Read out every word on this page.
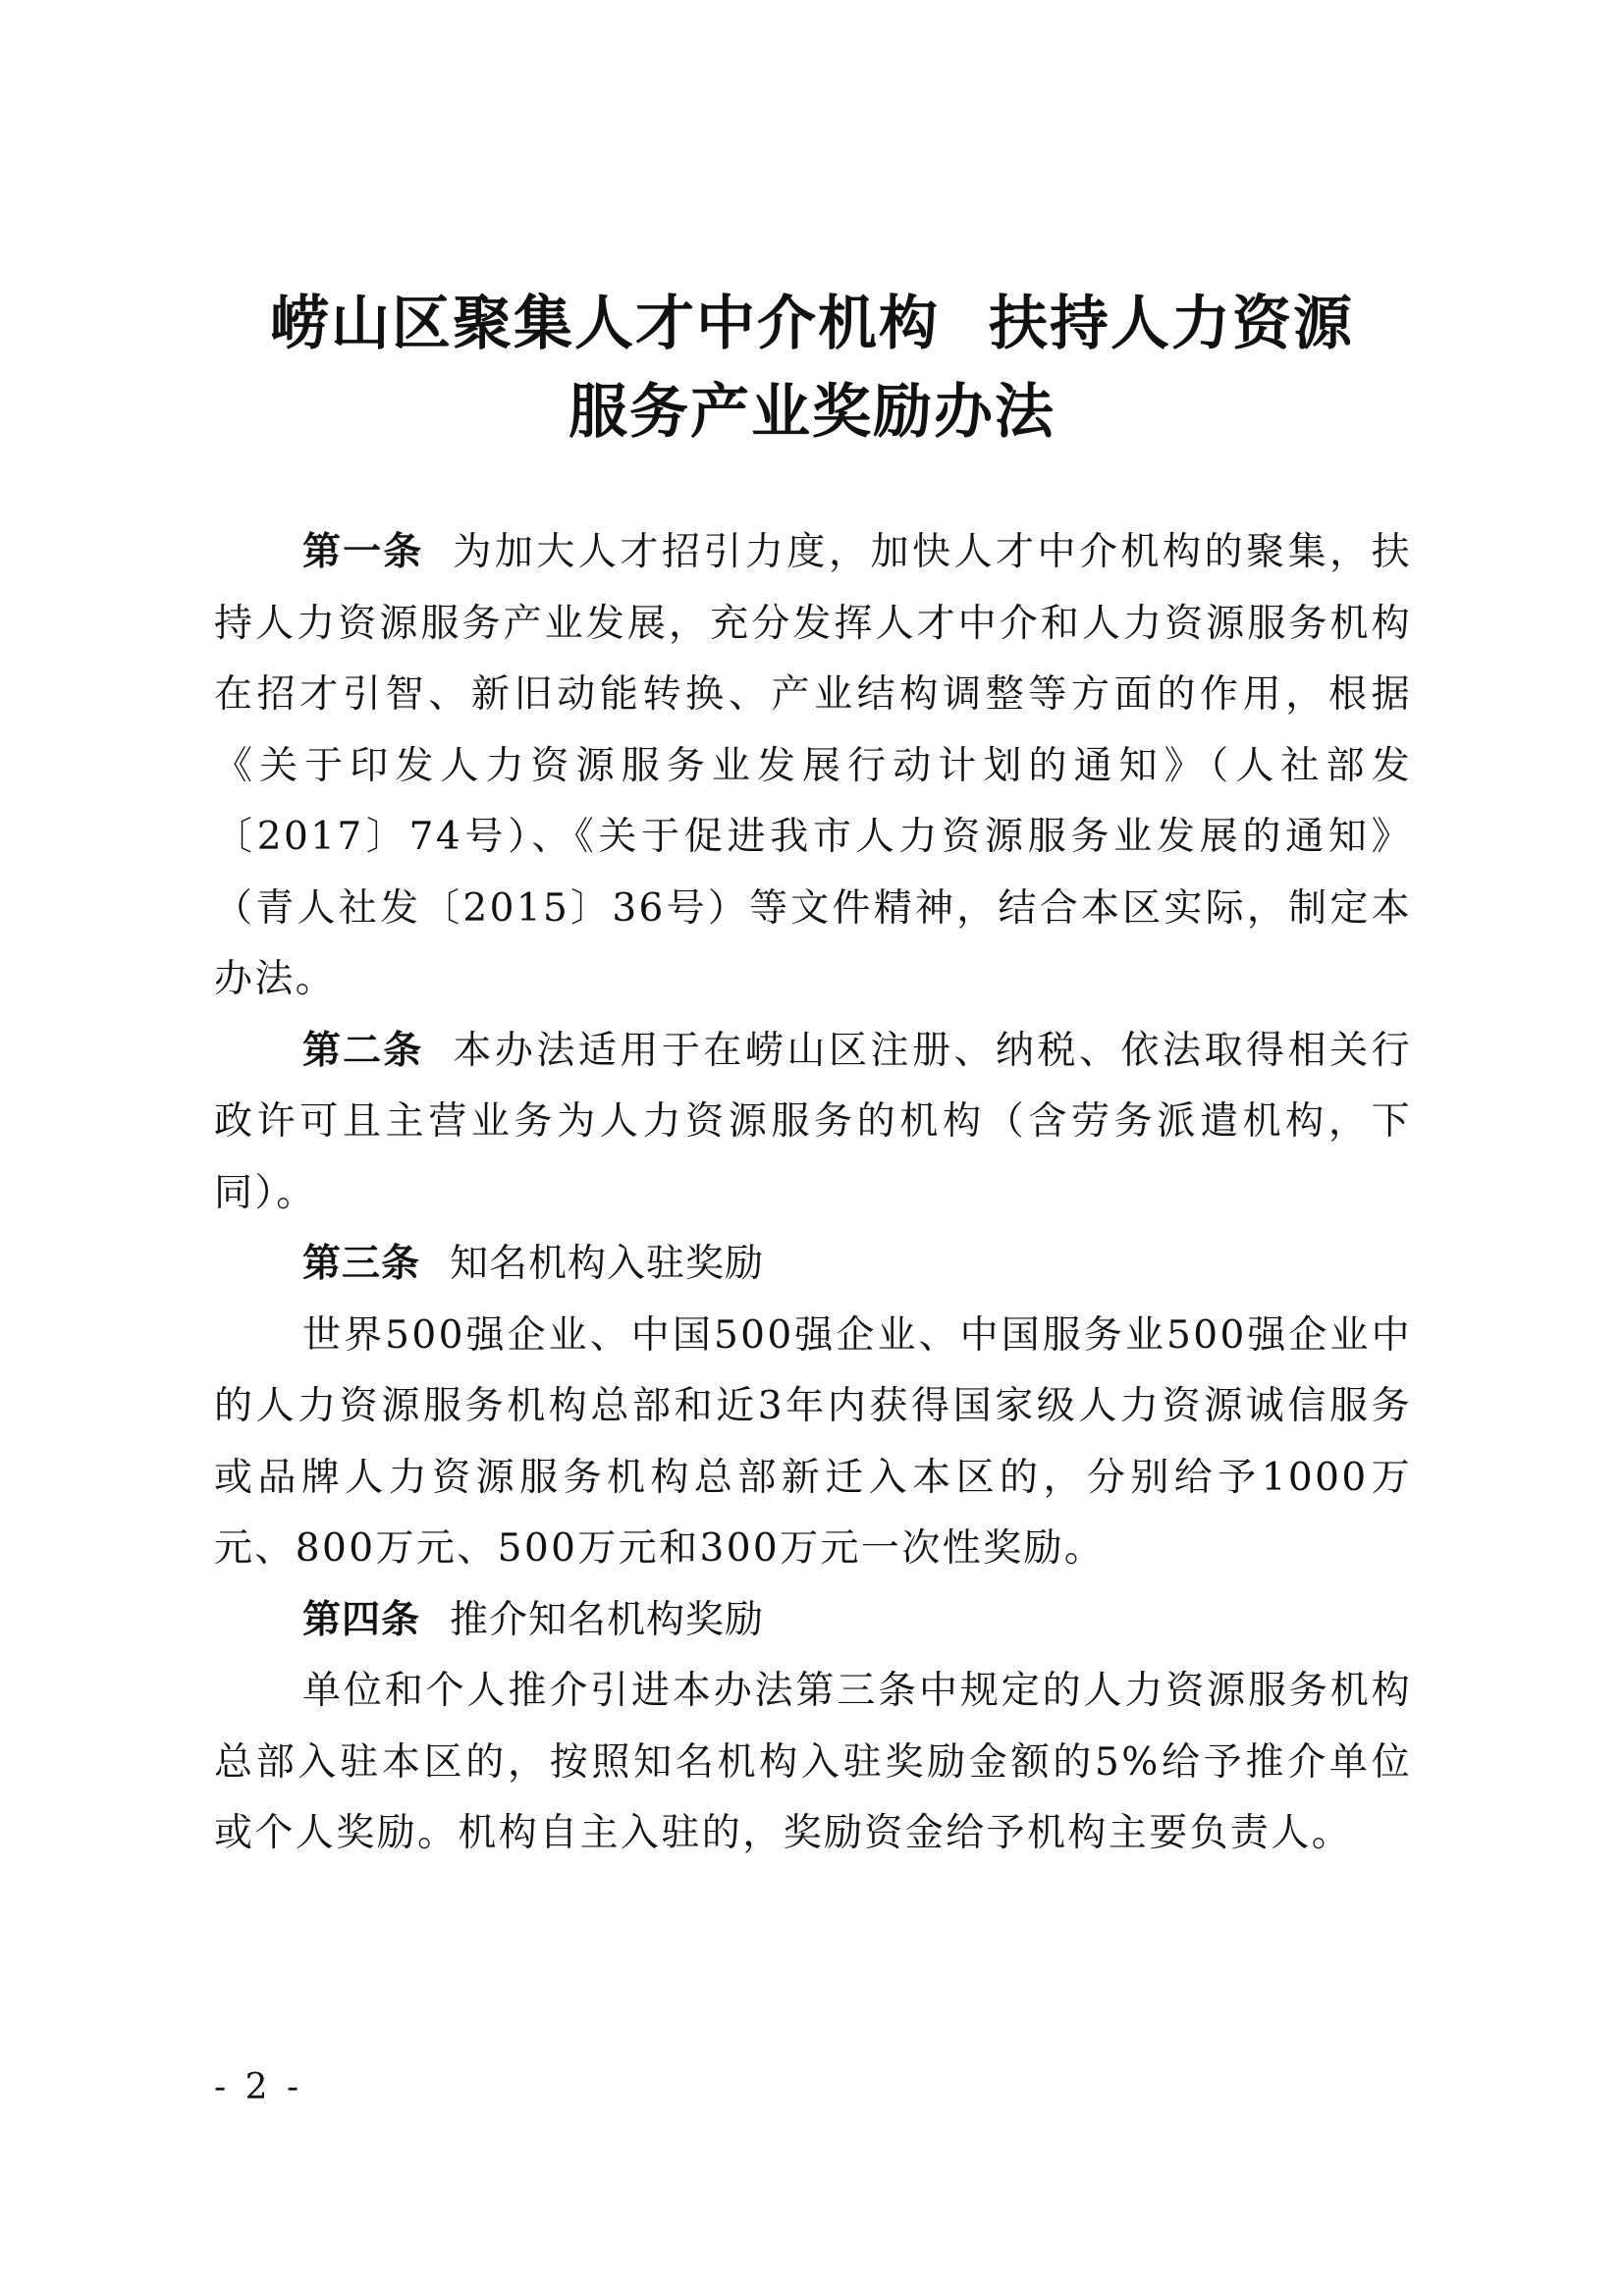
崂山区聚集人才中介机构 扶持人力资源
服务产业奖励办法

第一条 为加大人才招引力度，加快人才中介机构的聚集，扶持人力资源服务产业发展，充分发挥人才中介和人力资源服务机构在招才引智、新旧动能转换、产业结构调整等方面的作用，根据《关于印发人力资源服务业发展行动计划的通知》（人社部发〔2017〕74号）、《关于促进我市人力资源服务业发展的通知》（青人社发〔2015〕36号）等文件精神，结合本区实际，制定本办法。

第二条 本办法适用于在崂山区注册、纳税、依法取得相关行政许可且主营业务为人力资源服务的机构（含劳务派遣机构，下同）。

第三条 知名机构入驻奖励

世界500强企业、中国500强企业、中国服务业500强企业中的人力资源服务机构总部和近3年内获得国家级人力资源诚信服务或品牌人力资源服务机构总部新迁入本区的，分别给予1000万元、800万元、500万元和300万元一次性奖励。

第四条 推介知名机构奖励

单位和个人推介引进本办法第三条中规定的人力资源服务机构总部入驻本区的，按照知名机构入驻奖励金额的5%给予推介单位或个人奖励。机构自主入驻的，奖励资金给予机构主要负责人。

- 2 -
